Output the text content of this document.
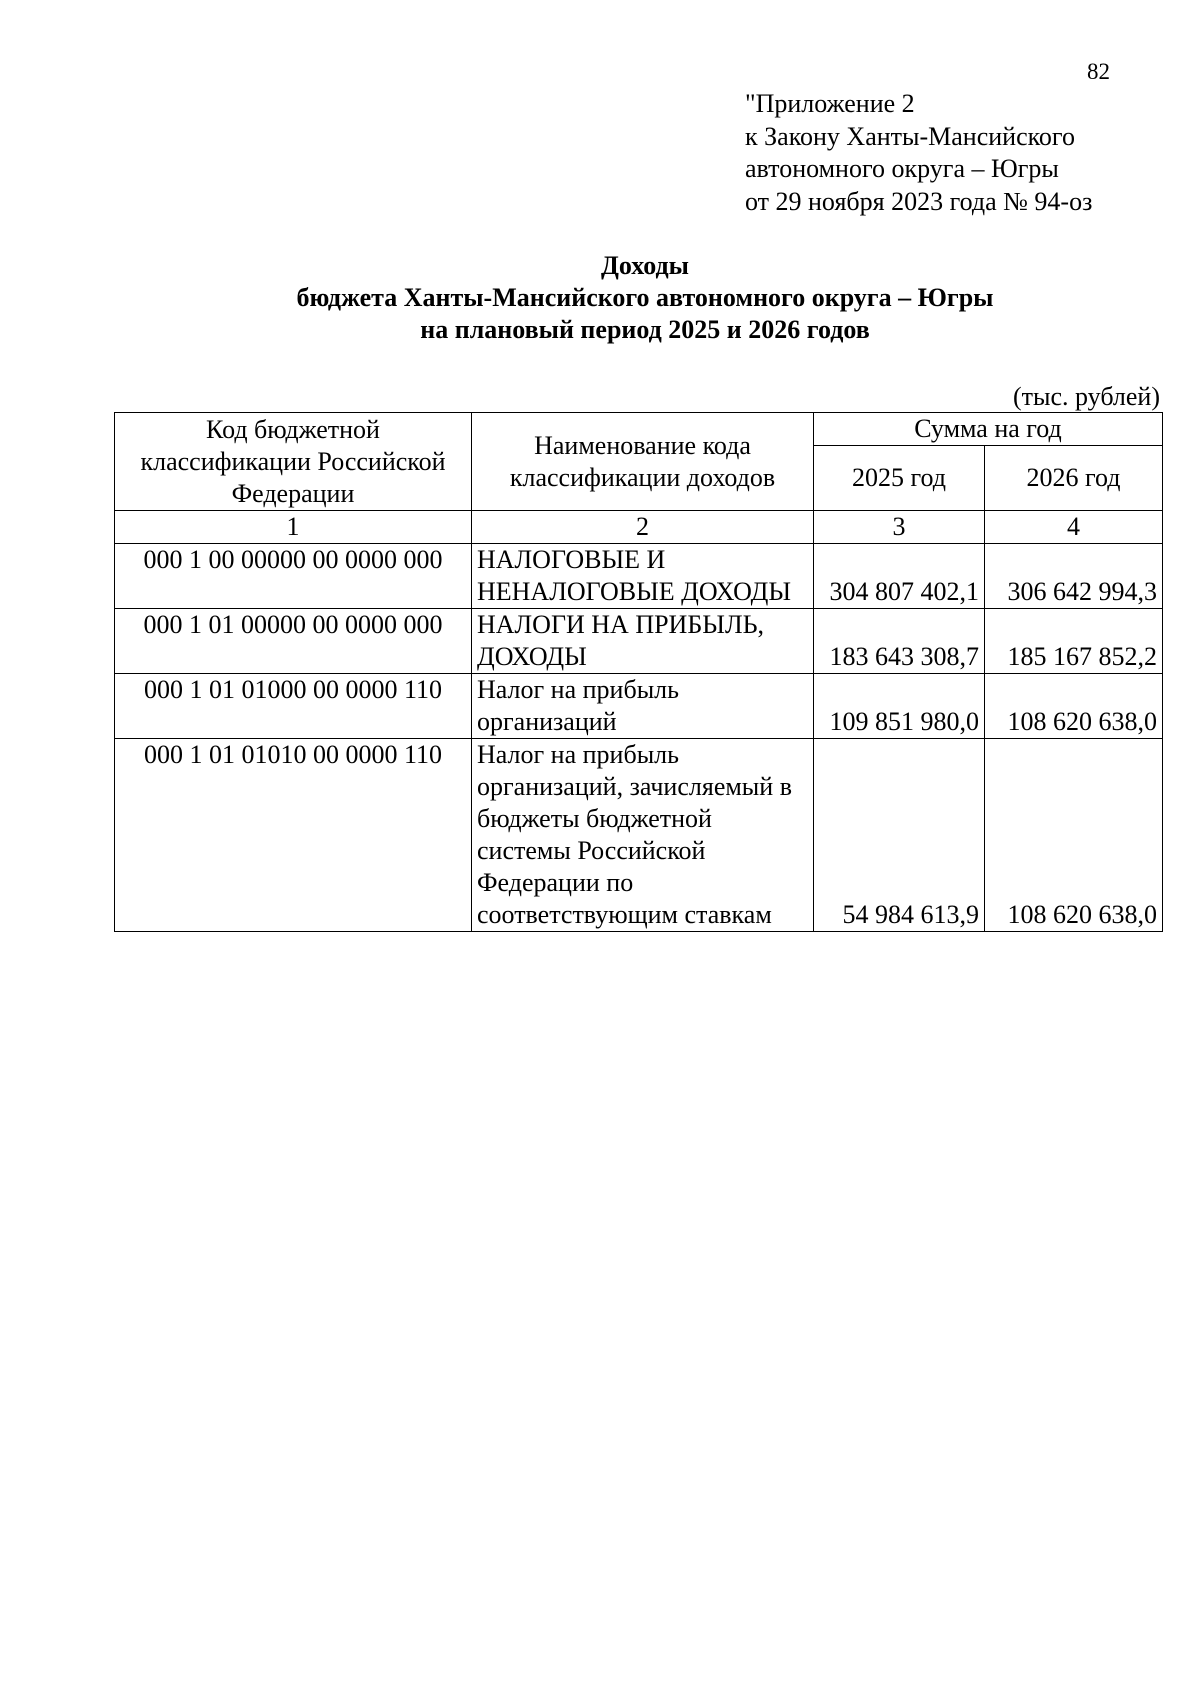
82
"Приложение 2
к Закону Ханты-Мансийского
автономного округа – Югры
от 29 ноября 2023 года № 94-оз
Доходы
бюджета Ханты-Мансийского автономного округа – Югры
на плановый период 2025 и 2026 годов
(тыс. рублей)
Код бюджетной классификации Российской Федерации	Наименование кода классификации доходов	Сумма на год	
		2025 год	2026 год
1	2	3	4
000 1 00 00000 00 0000 000	НАЛОГОВЫЕ И НЕНАЛОГОВЫЕ ДОХОДЫ	304 807 402,1	306 642 994,3
000 1 01 00000 00 0000 000	НАЛОГИ НА ПРИБЫЛЬ, ДОХОДЫ	183 643 308,7	185 167 852,2
000 1 01 01000 00 0000 110	Налог на прибыль организаций	109 851 980,0	108 620 638,0
000 1 01 01010 00 0000 110	Налог на прибыль организаций, зачисляемый в бюджеты бюджетной системы Российской Федерации по соответствующим ставкам	54 984 613,9	108 620 638,0
